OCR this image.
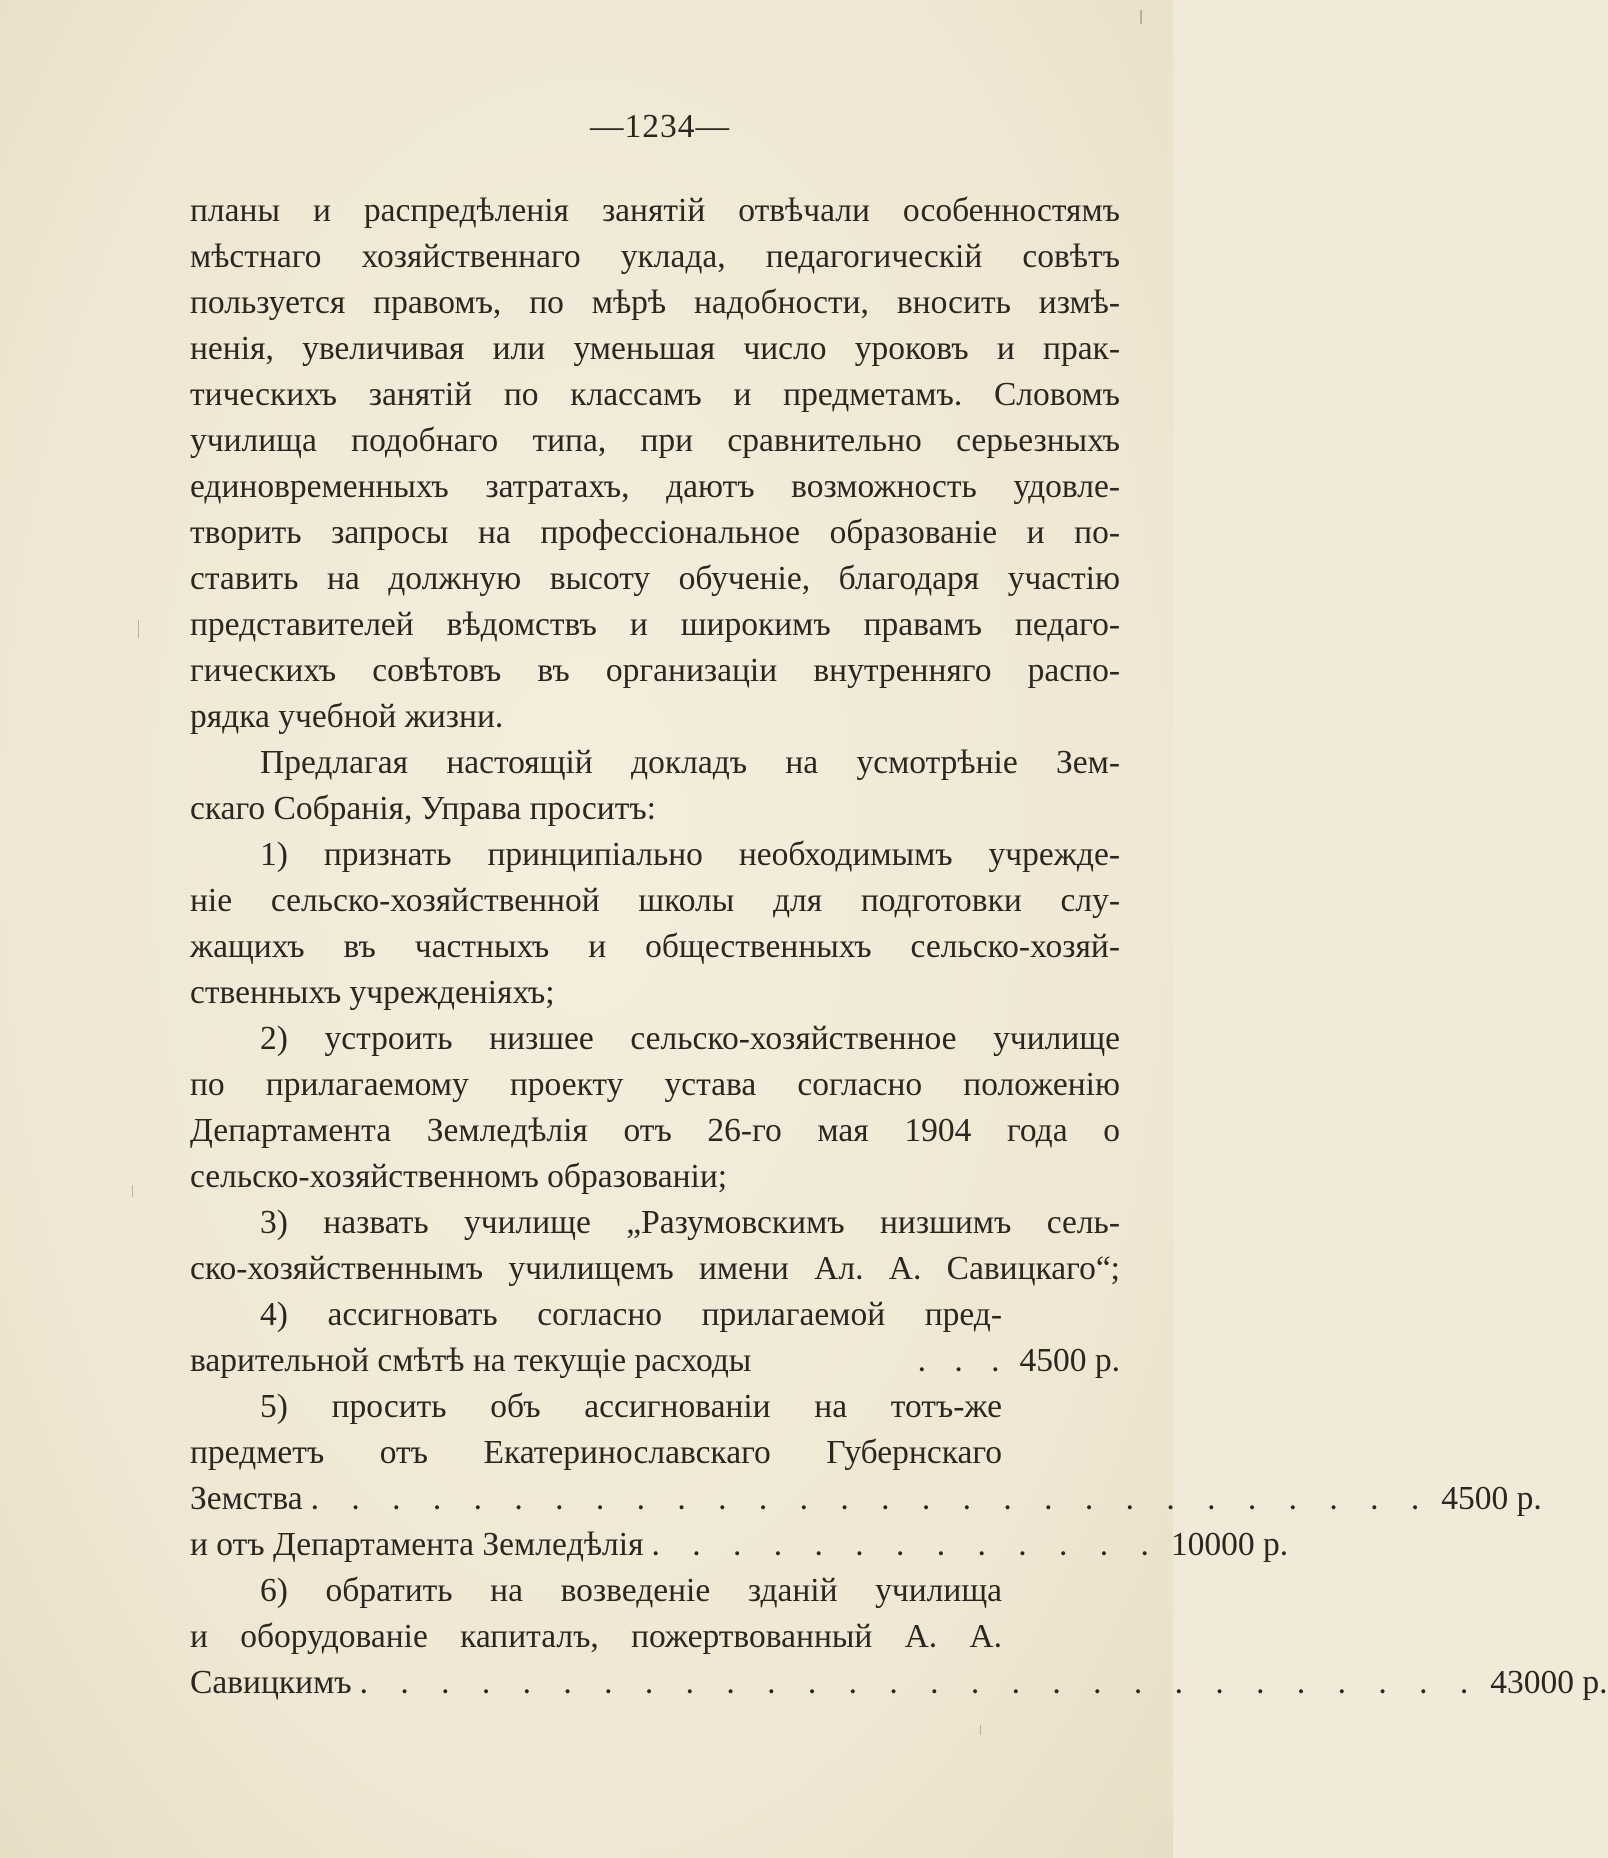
—1234—
планы и распредѣленія занятій отвѣчали особенностямъ
мѣстнаго хозяйственнаго уклада, педагогическій совѣтъ
пользуется правомъ, по мѣрѣ надобности, вносить измѣ-
ненія, увеличивая или уменьшая число уроковъ и прак-
тическихъ занятій по классамъ и предметамъ. Словомъ
училища подобнаго типа, при сравнительно серьезныхъ
единовременныхъ затратахъ, даютъ возможность удовле-
творить запросы на профессіональное образованіе и по-
ставить на должную высоту обученіе, благодаря участію
представителей вѣдомствъ и широкимъ правамъ педаго-
гическихъ совѣтовъ въ организаціи внутренняго распо-
рядка учебной жизни.
Предлагая настоящій докладъ на усмотрѣніе Зем-
скаго Собранія, Управа проситъ:
1) признать принципіально необходимымъ учрежде-
ніе сельско-хозяйственной школы для подготовки слу-
жащихъ въ частныхъ и общественныхъ сельско-хозяй-
ственныхъ учрежденіяхъ;
2) устроить низшее сельско-хозяйственное училище
по прилагаемому проекту устава согласно положенію
Департамента Землeдѣлія отъ 26-го мая 1904 года о
сельско-хозяйственномъ образованіи;
3) назвать училище „Разумовскимъ низшимъ сель-
ско-хозяйственнымъ училищемъ имени Ал. А. Савицкаго“;
4) ассигновать согласно прилагаемой пред-
варительной смѣтѣ на текущіе расходы	. . . 4500 р.
5) просить объ ассигнованіи на тотъ-же
предметъ отъ Екатеринославскаго Губернскаго
Земства . . . . . . . . . . . . . . . . . . . . . . . . . . . . 4500 р.
и отъ Департамента Землeдѣлія . . . . . . . . . . . . . 10000 р.
6) обратить на возведеніе зданій училища
и оборудованіе капиталъ, пожертвованный А. А.
Савицкимъ . . . . . . . . . . . . . . . . . . . . . . . . . . . . 43000 р.
